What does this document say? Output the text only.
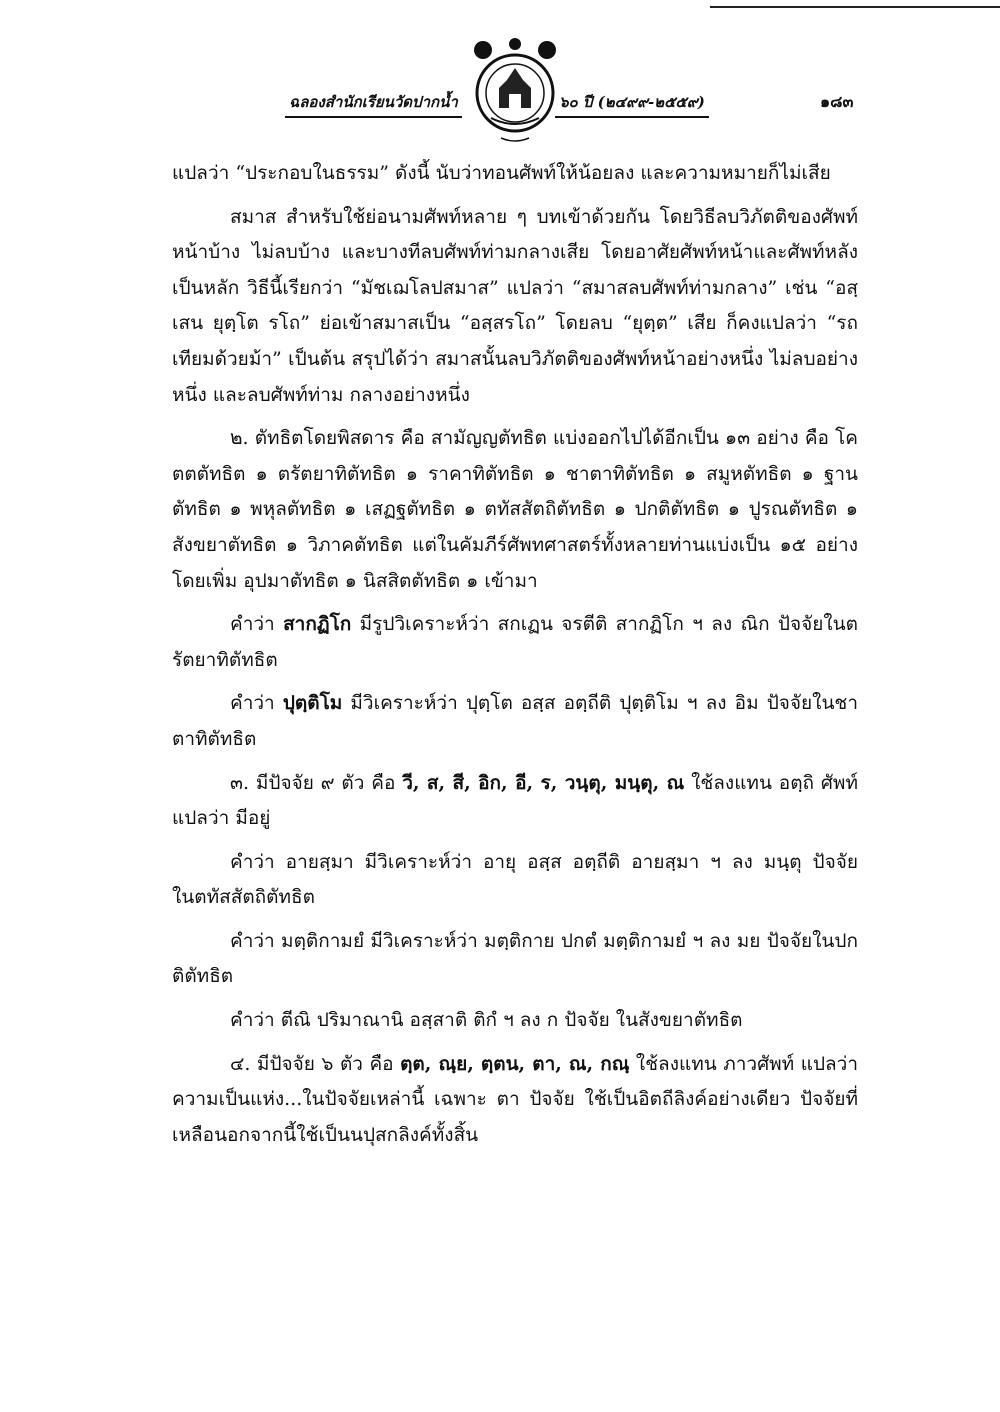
ฉลองสำนักเรียนวัดปากน้ำ	๖๐ ปี (๒๔๙๙-๒๕๕๙)	๑๘๓

แปลว่า “ประกอบในธรรม” ดังนี้ นับว่าทอนศัพท์ให้น้อยลง และความหมายก็ไม่เสีย

สมาส สำหรับใช้ย่อนามศัพท์หลาย ๆ บทเข้าด้วยกัน โดยวิธีลบวิภัตติของศัพท์หน้าบ้าง ไม่ลบบ้าง และบางทีลบศัพท์ท่ามกลางเสีย โดยอาศัยศัพท์หน้าและศัพท์หลังเป็นหลัก วิธีนี้เรียกว่า “มัชเฌโลปสมาส” แปลว่า “สมาสลบศัพท์ท่ามกลาง” เช่น “อสฺเสน ยุตฺโต รโถ” ย่อเข้าสมาสเป็น “อสฺสรโถ” โดยลบ “ยุตฺต” เสีย ก็คงแปลว่า “รถเทียมด้วยม้า” เป็นต้น สรุปได้ว่า สมาสนั้นลบวิภัตติของศัพท์หน้าอย่างหนึ่ง ไม่ลบอย่างหนึ่ง และลบศัพท์ท่าม กลางอย่างหนึ่ง

๒. ตัทธิตโดยพิสดาร คือ สามัญญตัทธิต แบ่งออกไปได้อีกเป็น ๑๓ อย่าง คือ โคตตตัทธิต ๑ ตรัตยาทิตัทธิต ๑ ราคาทิตัทธิต ๑ ชาตาทิตัทธิต ๑ สมูหตัทธิต ๑ ฐานตัทธิต ๑ พหุลตัทธิต ๑ เสฏฐตัทธิต ๑ ตทัสสัตถิตัทธิต ๑ ปกติตัทธิต ๑ ปูรณตัทธิต ๑ สังขยาตัทธิต ๑ วิภาคตัทธิต แต่ในคัมภีร์ศัพทศาสตร์ทั้งหลายท่านแบ่งเป็น ๑๕ อย่าง โดยเพิ่ม อุปมาตัทธิต ๑ นิสสิตตัทธิต ๑ เข้ามา

คำว่า สากฏิโก มีรูปวิเคราะห์ว่า สกเฏน จรตีติ สากฏิโก ฯ ลง ณิก ปัจจัยในตรัตยาทิตัทธิต

คำว่า ปุตฺติโม มีวิเคราะห์ว่า ปุตฺโต อสฺส อตฺถีติ ปุตฺติโม ฯ ลง อิม ปัจจัยในชาตาทิตัทธิต

๓. มีปัจจัย ๙ ตัว คือ วี, ส, สี, อิก, อี, ร, วนฺตุ, มนฺตุ, ณ ใช้ลงแทน อตฺถิ ศัพท์ แปลว่า มีอยู่

คำว่า อายสฺมา มีวิเคราะห์ว่า อายุ อสฺส อตฺถีติ อายสฺมา ฯ ลง มนฺตุ ปัจจัยในตทัสสัตถิตัทธิต

คำว่า มตฺติกามยํ มีวิเคราะห์ว่า มตฺติกาย ปกตํ มตฺติกามยํ ฯ ลง มย ปัจจัยในปกติตัทธิต

คำว่า ตีณิ ปริมาณานิ อสฺสาติ ติกํ ฯ ลง ก ปัจจัย ในสังขยาตัทธิต

๔. มีปัจจัย ๖ ตัว คือ ตฺต, ณฺย, ตฺตน, ตา, ณ, กณฺ ใช้ลงแทน ภาวศัพท์ แปลว่า ความเป็นแห่ง...ในปัจจัยเหล่านี้ เฉพาะ ตา ปัจจัย ใช้เป็นอิตถีลิงค์อย่างเดียว ปัจจัยที่เหลือนอกจากนี้ใช้เป็นนปุสกลิงค์ทั้งสิ้น
